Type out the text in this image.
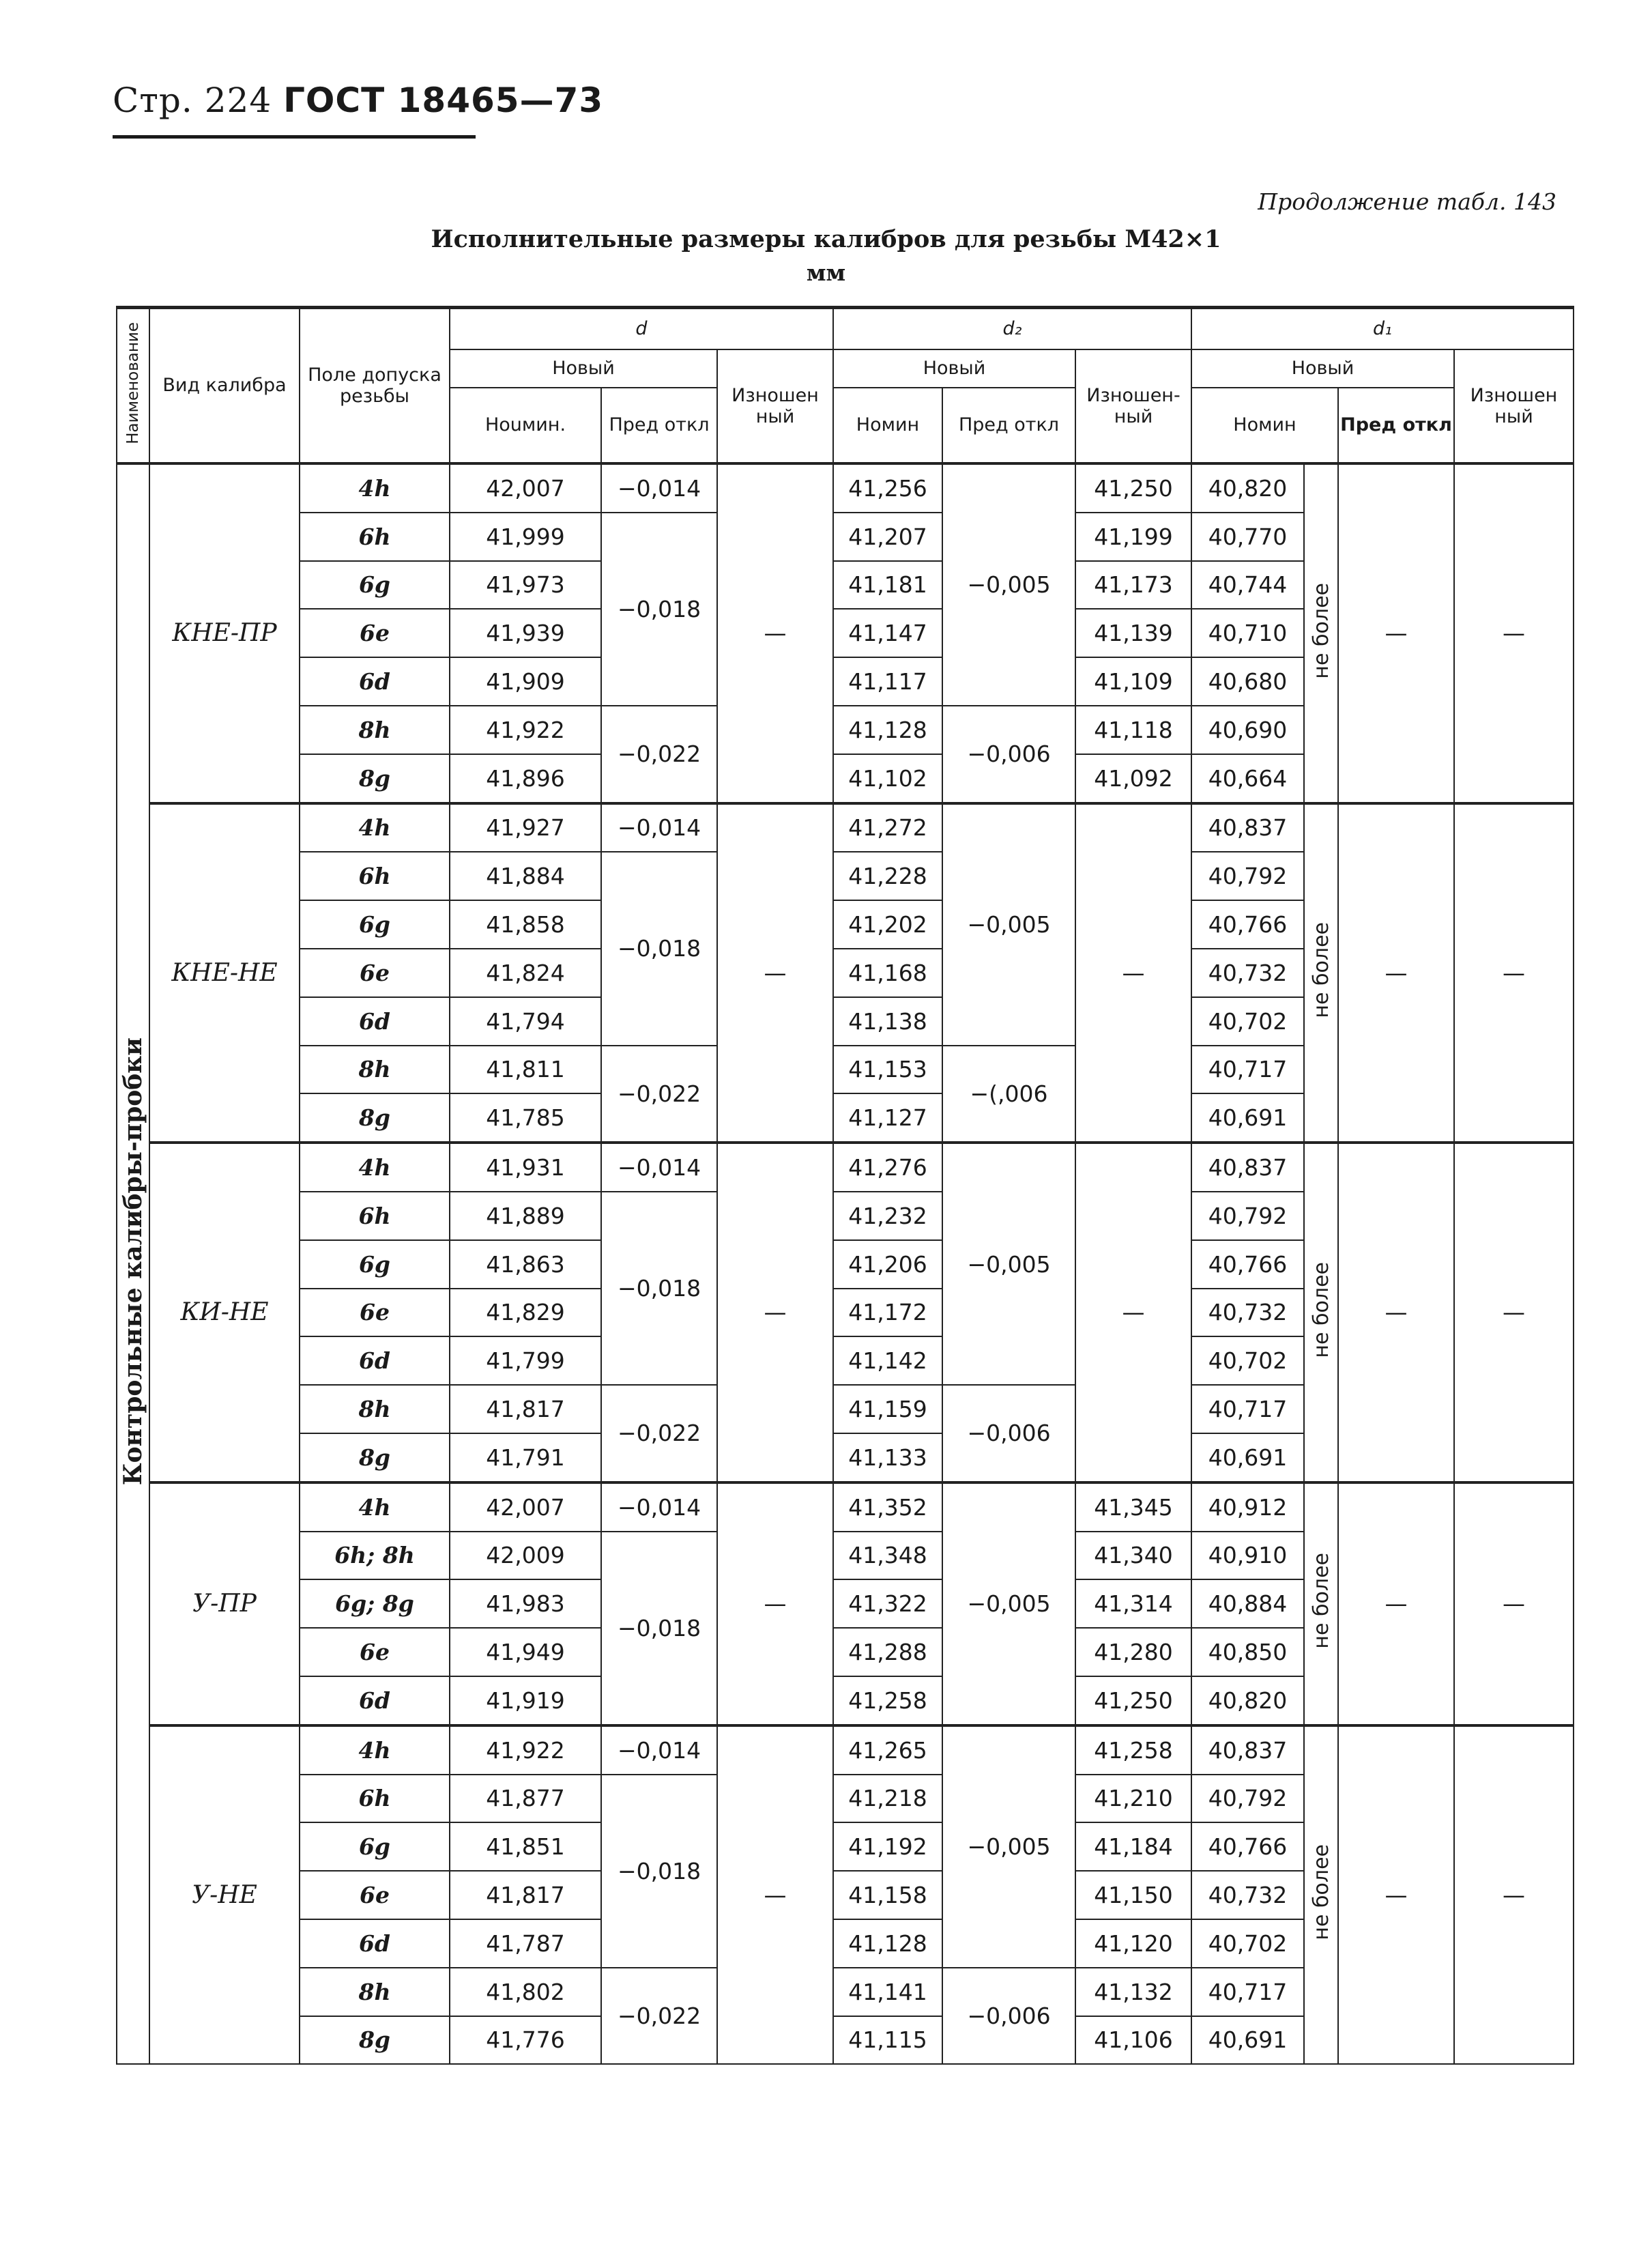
Стр. 224 ГОСТ 18465—73
Продолжение табл. 143
Исполнительные размеры калибров для резьбы M42×1
мм
Наименование	Вид калибра	Поле допуска резьбы	d			d₂			d₁			
			Новый		Изношен ный	Новый		Изношен-ный	Новый			Изношен ный
			Ноuмин.	Пред откл		Номин	Пред откл		Номин		Пред откл	
Контрольные калибры-пробки	КНЕ-ПР	4h	42,007	−0,014	—	41,256	−0,005	41,250	40,820	не более	—	—
		6h	41,999	−0,018		41,207		41,199	40,770			
		6g	41,973			41,181		41,173	40,744			
		6e	41,939			41,147		41,139	40,710			
		6d	41,909			41,117		41,109	40,680			
		8h	41,922	−0,022		41,128	−0,006	41,118	40,690			
		8g	41,896			41,102		41,092	40,664			
	КНЕ-НЕ	4h	41,927	−0,014	—	41,272	−0,005	—	40,837	не более	—	—
		6h	41,884	−0,018		41,228			40,792			
		6g	41,858			41,202			40,766			
		6e	41,824			41,168			40,732			
		6d	41,794			41,138			40,702			
		8h	41,811	−0,022		41,153	−(,006		40,717			
		8g	41,785			41,127			40,691			
	КИ-НЕ	4h	41,931	−0,014	—	41,276	−0,005	—	40,837	не более	—	—
		6h	41,889	−0,018		41,232			40,792			
		6g	41,863			41,206			40,766			
		6e	41,829			41,172			40,732			
		6d	41,799			41,142			40,702			
		8h	41,817	−0,022		41,159	−0,006		40,717			
		8g	41,791			41,133			40,691			
	У-ПР	4h	42,007	−0,014	—	41,352	−0,005	41,345	40,912	не более	—	—
		6h; 8h	42,009	−0,018		41,348		41,340	40,910			
		6g; 8g	41,983			41,322		41,314	40,884			
		6e	41,949			41,288		41,280	40,850			
		6d	41,919			41,258		41,250	40,820			
	У-НЕ	4h	41,922	−0,014	—	41,265	−0,005	41,258	40,837	не более	—	—
		6h	41,877	−0,018		41,218		41,210	40,792			
		6g	41,851			41,192		41,184	40,766			
		6e	41,817			41,158		41,150	40,732			
		6d	41,787			41,128		41,120	40,702			
		8h	41,802	−0,022		41,141	−0,006	41,132	40,717			
		8g	41,776			41,115		41,106	40,691			
